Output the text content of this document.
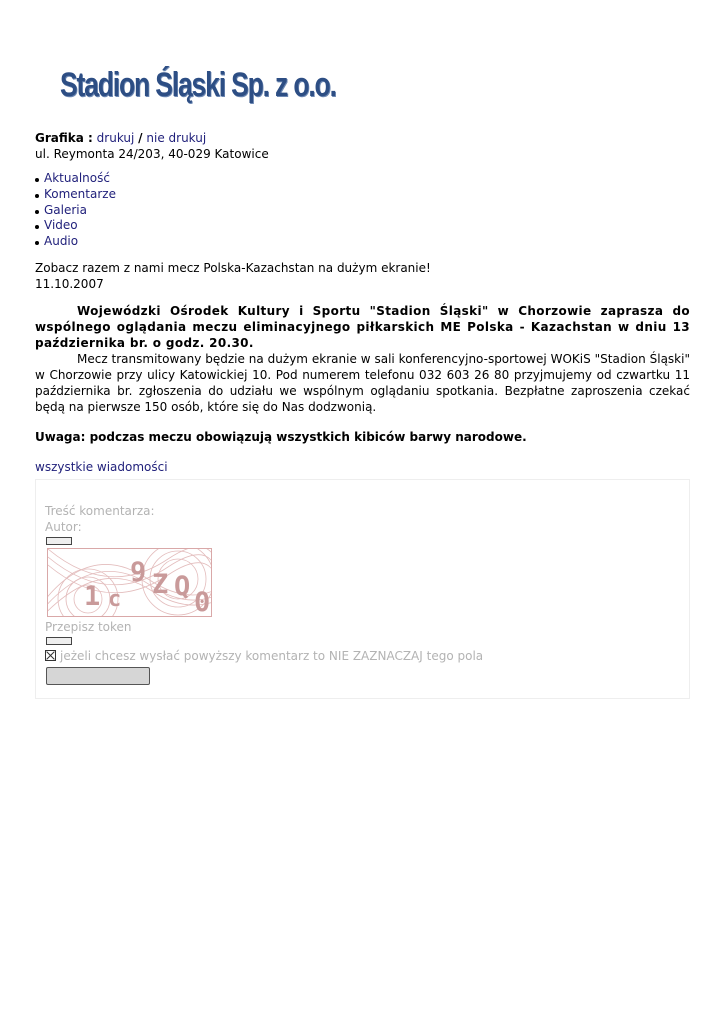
Stadion Śląski Sp. z o.o.
Grafika : drukuj / nie drukuj
ul. Reymonta 24/203, 40-029 Katowice
Aktualność
Komentarze
Galeria
Video
Audio
Zobacz razem z nami mecz Polska-Kazachstan na dużym ekranie!
11.10.2007
Wojewódzki Ośrodek Kultury i Sportu "Stadion Śląski" w Chorzowie zaprasza do wspólnego oglądania meczu eliminacyjnego piłkarskich ME Polska - Kazachstan w dniu 13 października br. o godz. 20.30.
Mecz transmitowany będzie na dużym ekranie w sali konferencyjno-sportowej WOKiS "Stadion Śląski" w Chorzowie przy ulicy Katowickiej 10. Pod numerem telefonu 032 603 26 80 przyjmujemy od czwartku 11 października br. zgłoszenia do udziału we wspólnym oglądaniu spotkania. Bezpłatne zaproszenia czekać będą na pierwsze 150 osób, które się do Nas dodzwonią.
Uwaga: podczas meczu obowiązują wszystkich kibiców barwy narodowe.
wszystkie wiadomości
Treść komentarza:
Autor:
1 c
9 Z Q
0
Przepisz token
jeżeli chcesz wysłać powyższy komentarz to NIE ZAZNACZAJ tego pola
